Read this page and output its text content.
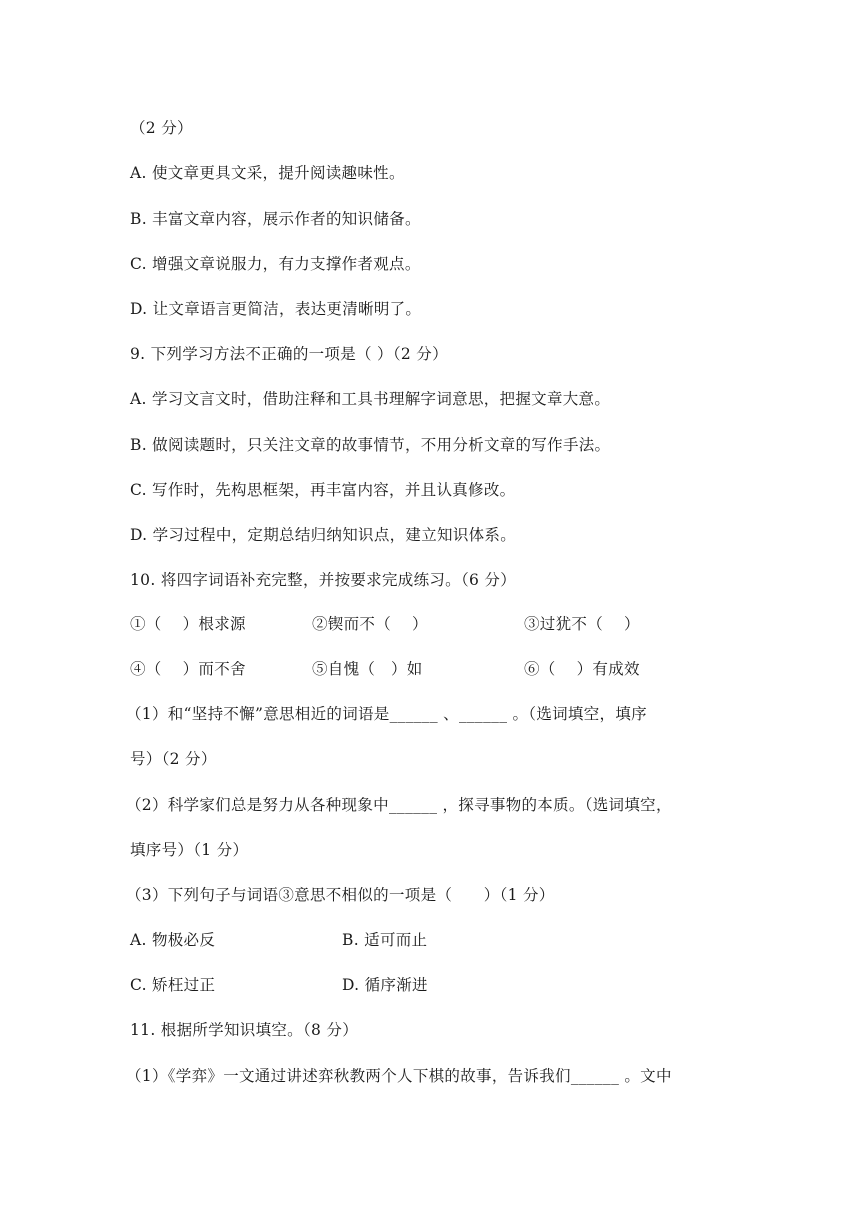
（2 分）
A. 使文章更具文采，提升阅读趣味性。
B. 丰富文章内容，展示作者的知识储备。
C. 增强文章说服力，有力支撑作者观点。
D. 让文章语言更简洁，表达更清晰明了。
9. 下列学习方法不正确的一项是（ ）（2 分）
A. 学习文言文时，借助注释和工具书理解字词意思，把握文章大意。
B. 做阅读题时，只关注文章的故事情节，不用分析文章的写作手法。
C. 写作时，先构思框架，再丰富内容，并且认真修改。
D. 学习过程中，定期总结归纳知识点，建立知识体系。
10. 将四字词语补充完整，并按要求完成练习。（6 分）
①（　 ）根求源	②锲而不（　 ）	③过犹不（　 ）
④（　 ）而不舍	⑤自愧（　）如	⑥（　 ）有成效
（1）和“坚持不懈”意思相近的词语是______ 、______ 。（选词填空，填序
号）（2 分）
（2）科学家们总是努力从各种现象中______ ，探寻事物的本质。（选词填空，
填序号）（1 分）
（3）下列句子与词语③意思不相似的一项是（　　）（1 分）
A. 物极必反	B. 适可而止
C. 矫枉过正	D. 循序渐进
11. 根据所学知识填空。（8 分）
（1）《学弈》一文通过讲述弈秋教两个人下棋的故事，告诉我们______ 。文中
